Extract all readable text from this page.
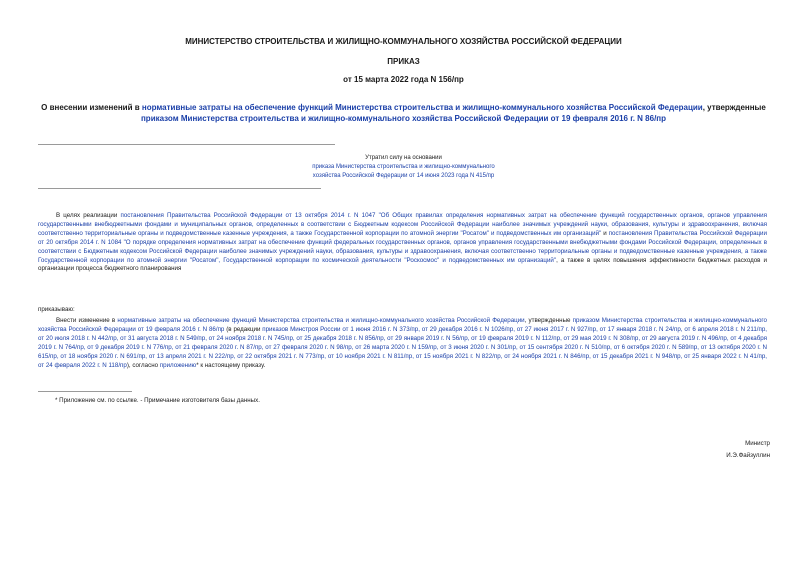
МИНИСТЕРСТВО СТРОИТЕЛЬСТВА И ЖИЛИЩНО-КОММУНАЛЬНОГО ХОЗЯЙСТВА РОССИЙСКОЙ ФЕДЕРАЦИИ
ПРИКАЗ
от 15 марта 2022 года N 156/пр
О внесении изменений в нормативные затраты на обеспечение функций Министерства строительства и жилищно-коммунального хозяйства Российской Федерации, утвержденные приказом Министерства строительства и жилищно-коммунального хозяйства Российской Федерации от 19 февраля 2016 г. N 86/пр
Утратил силу на основании
приказа Министерства строительства и жилищно-коммунального хозяйства Российской Федерации от 14 июня 2023 года N 415/пр
В целях реализации постановления Правительства Российской Федерации от 13 октября 2014 г. N 1047 "Об Общих правилах определения нормативных затрат на обеспечение функций государственных органов, органов управления государственными внебюджетными фондами и муниципальных органов, определенных в соответствии с Бюджетным кодексом Российской Федерации наиболее значимых учреждений науки, образования, культуры и здравоохранения, включая соответственно территориальные органы и подведомственные казенные учреждения, а также Государственной корпорации по атомной энергии "Росатом" и подведомственных им организаций" и постановления Правительства Российской Федерации от 20 октября 2014 г. N 1084 "О порядке определения нормативных затрат на обеспечение функций федеральных государственных органов, органов управления государственными внебюджетными фондами Российской Федерации, определенных в соответствии с Бюджетным кодексом Российской Федерации наиболее значимых учреждений науки, образования, культуры и здравоохранения, включая соответственно территориальные органы и подведомственные казенные учреждения, а также Государственной корпорации по атомной энергии "Росатом", Государственной корпорации по космической деятельности "Роскосмос" и подведомственных им организаций", а также в целях повышения эффективности бюджетных расходов и организации процесса бюджетного планирования
приказываю:
Внести изменение в нормативные затраты на обеспечение функций Министерства строительства и жилищно-коммунального хозяйства Российской Федерации, утвержденные приказом Министерства строительства и жилищно-коммунального хозяйства Российской Федерации от 19 февраля 2016 г. N 86/пр (в редакции приказов Минстроя России от 1 июня 2016 г. N 373/пр, от 29 декабря 2016 г. N 1026/пр, от 27 июня 2017 г. N 927/пр, от 17 января 2018 г. N 24/пр, от 6 апреля 2018 г. N 211/пр, от 20 июля 2018 г. N 442/пр, от 31 августа 2018 г. N 549/пр, от 24 ноября 2018 г. N 745/пр, от 25 декабря 2018 г. N 856/пр, от 29 января 2019 г. N 56/пр, от 19 февраля 2019 г. N 112/пр, от 29 мая 2019 г. N 308/пр, от 29 августа 2019 г. N 496/пр, от 4 декабря 2019 г. N 764/пр, от 9 декабря 2019 г. N 776/пр, от 21 февраля 2020 г. N 87/пр, от 27 февраля 2020 г. N 98/пр, от 26 марта 2020 г. N 159/пр, от 3 июня 2020 г. N 301/пр, от 15 сентября 2020 г. N 510/пр, от 6 октября 2020 г. N 589/пр, от 13 октября 2020 г. N 615/пр, от 18 ноября 2020 г. N 691/пр, от 13 апреля 2021 г. N 222/пр, от 22 октября 2021 г. N 773/пр, от 10 ноября 2021 г. N 811/пр, от 15 ноября 2021 г. N 822/пр, от 24 ноября 2021 г. N 846/пр, от 15 декабря 2021 г. N 948/пр, от 25 января 2022 г. N 41/пр, от 24 февраля 2022 г. N 118/пр), согласно приложению* к настоящему приказу.
* Приложение см. по ссылке. - Примечание изготовителя базы данных.
Министр
И.Э.Файзуллин
